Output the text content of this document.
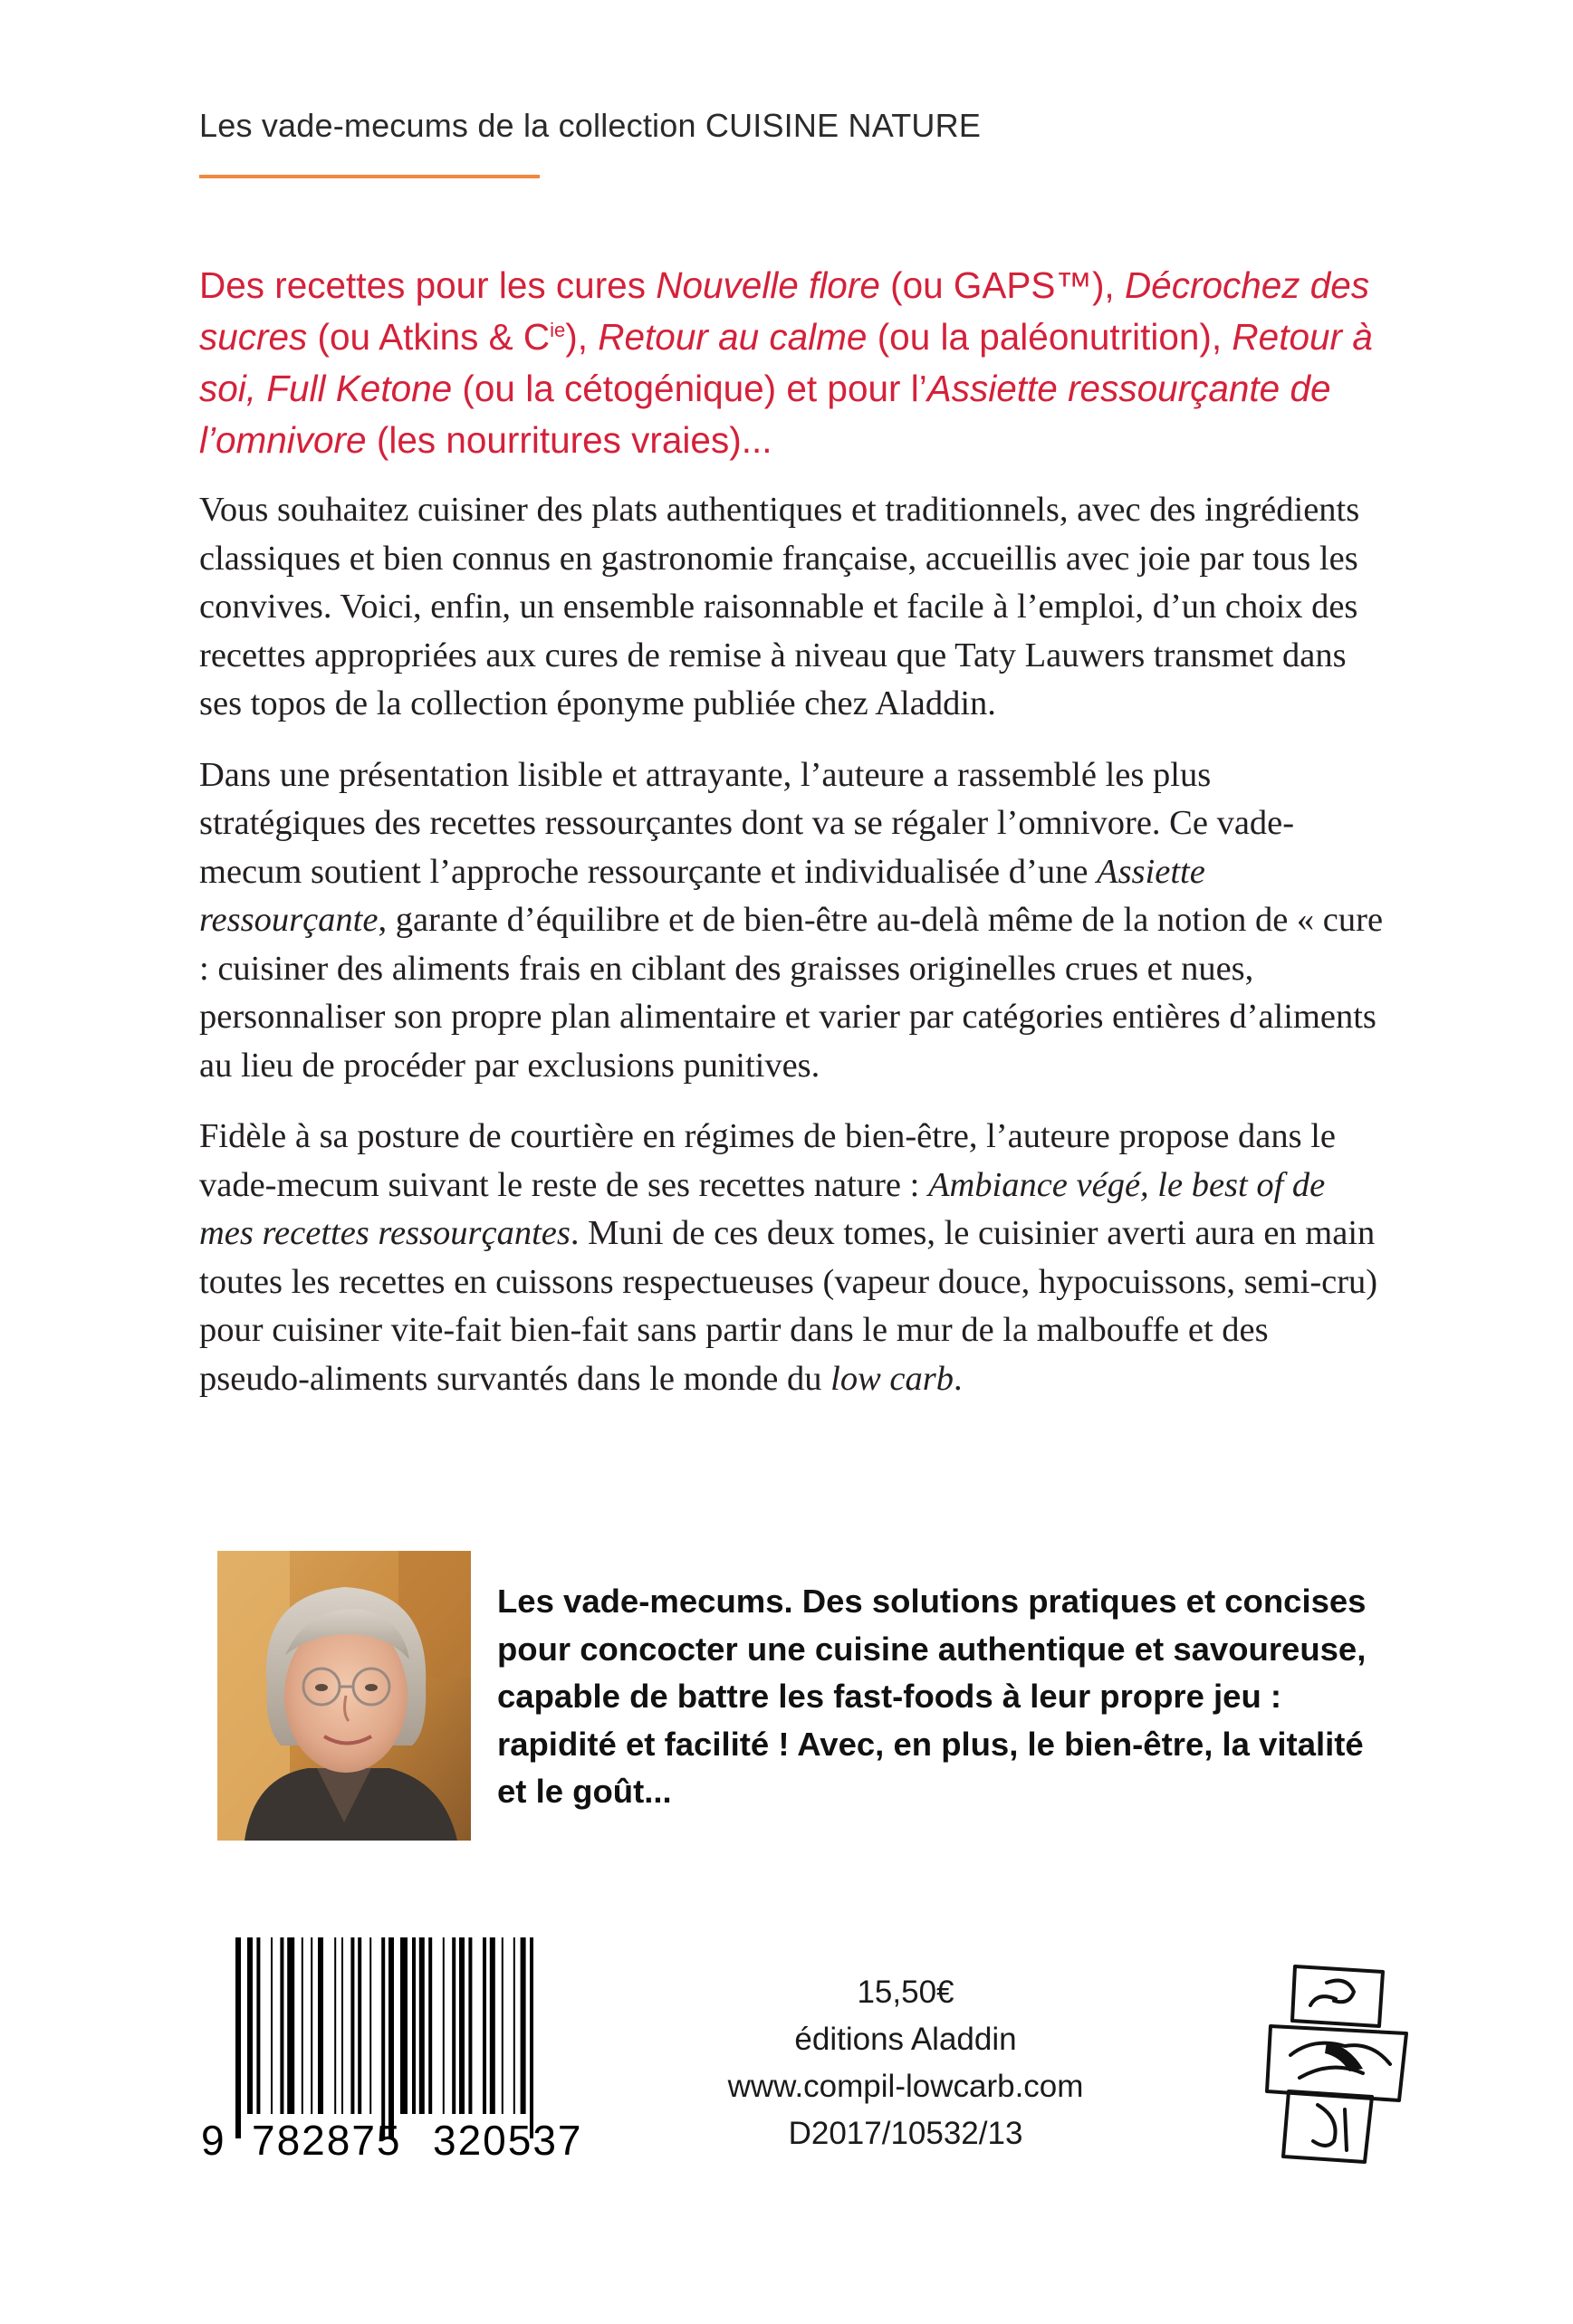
Les vade-mecums de la collection CUISINE NATURE
Des recettes pour les cures Nouvelle flore (ou GAPS™), Décrochez des sucres (ou Atkins & $C^{ie}$), Retour au calme (ou la paléonutrition), Retour à soi, Full Ketone (ou la cétogénique) et pour l’Assiette ressourçante de l’omnivore (les nourritures vraies)...

Vous souhaitez cuisiner des plats authentiques et traditionnels, avec des ingrédients classiques et bien connus en gastronomie française, accueillis avec joie par tous les convives. Voici, enfin, un ensemble raisonnable et facile à l’emploi, d’un choix des recettes appropriées aux cures de remise à niveau que Taty Lauwers transmet dans ses topos de la collection éponyme publiée chez Aladdin.

Dans une présentation lisible et attrayante, l’auteure a rassemblé les plus stratégiques des recettes ressourçantes dont va se régaler l’omnivore. Ce vade-mecum soutient l’approche ressourçante et individualisée d’une Assiette ressourçante, garante d’équilibre et de bien-être au-delà même de la notion de « cure : cuisiner des aliments frais en ciblant des graisses originelles crues et nues, personnaliser son propre plan alimentaire et varier par catégories entières d’aliments au lieu de procéder par exclusions punitives.

Fidèle à sa posture de courtière en régimes de bien-être, l’auteure propose dans le vade-mecum suivant le reste de ses recettes nature : Ambiance végé, le best of de mes recettes ressourçantes. Muni de ces deux tomes, le cuisinier averti aura en main toutes les recettes en cuissons respectueuses (vapeur douce, hypocuissons, semi-cru) pour cuisiner vite-fait bien-fait sans partir dans le mur de la malbouffe et des pseudo-aliments survantés dans le monde du low carb.

Les vade-mecums. Des solutions pratiques et concises pour concocter une cuisine authentique et savoureuse, capable de battre les fast-foods à leur propre jeu : rapidité et facilité ! Avec, en plus, le bien-être, la vitalité et le goût...
9 782875 320537
15,50€
éditions Aladdin
www.compil-lowcarb.com
D2017/10532/13
